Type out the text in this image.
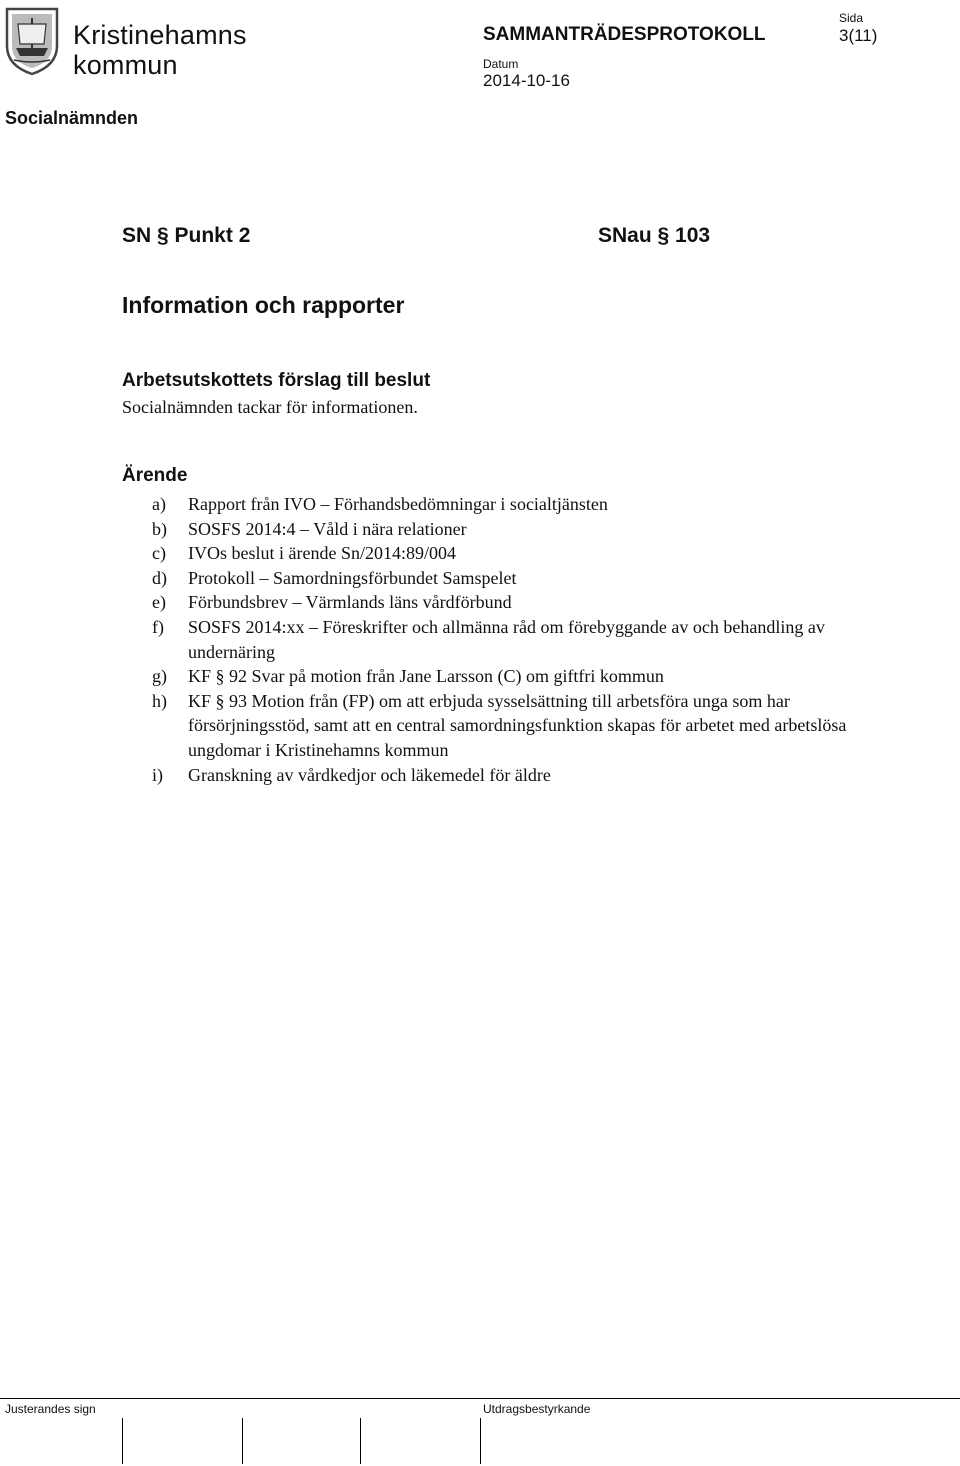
Kristinehamns
kommun
SAMMANTRÄDESPROTOKOLL
Sida
3(11)
Datum
2014-10-16
Socialnämnden
SN § Punkt 2	SNau § 103
Information och rapporter
Arbetsutskottets förslag till beslut
Socialnämnden tackar för informationen.
Ärende
a)	Rapport från IVO – Förhandsbedömningar i socialtjänsten
b)	SOSFS 2014:4 – Våld i nära relationer
c)	IVOs beslut i ärende Sn/2014:89/004
d)	Protokoll – Samordningsförbundet Samspelet
e)	Förbundsbrev – Värmlands läns vårdförbund
f)	SOSFS 2014:xx – Föreskrifter och allmänna råd om förebyggande av och behandling av undernäring
g)	KF § 92 Svar på motion från Jane Larsson (C) om giftfri kommun
h)	KF § 93 Motion från (FP) om att erbjuda sysselsättning till arbetsföra unga som har försörjningsstöd, samt att en central samordningsfunktion skapas för arbetet med arbetslösa ungdomar i Kristinehamns kommun
i)	Granskning av vårdkedjor och läkemedel för äldre
Justerandes sign	Utdragsbestyrkande
